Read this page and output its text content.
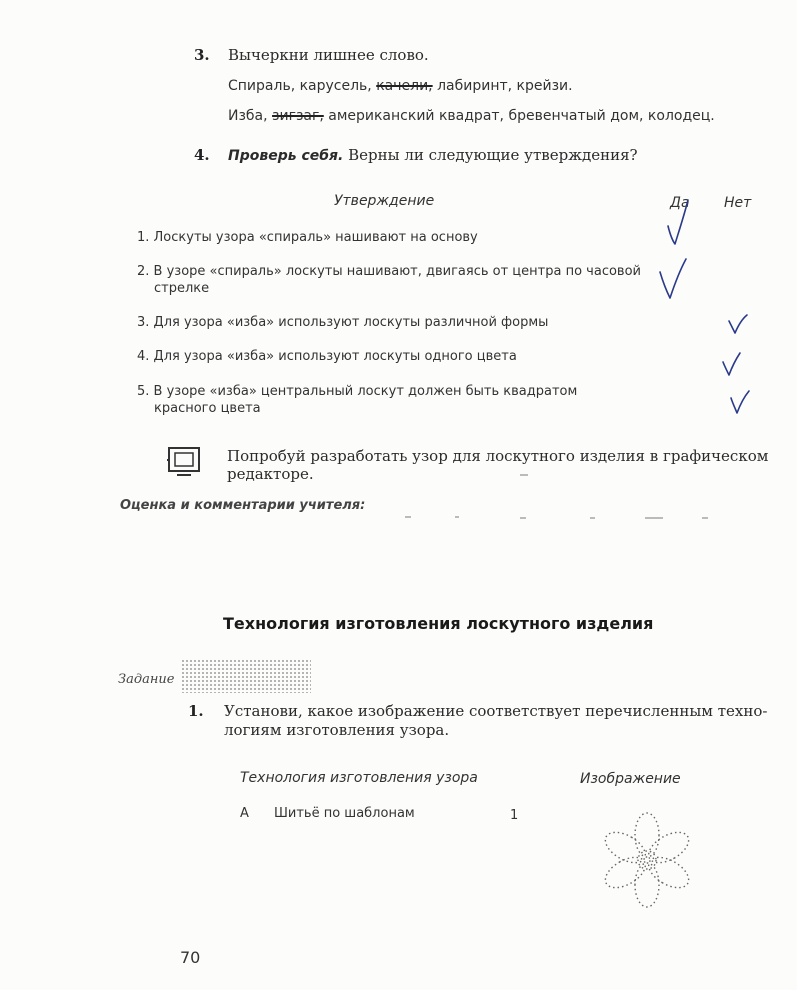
3. Вычеркни лишнее слово.
Спираль, карусель, качели, лабиринт, крейзи.
Изба, зигзаг, американский квадрат, бревенчатый дом, колодец.
4. Проверь себя. Верны ли следующие утверждения?
Утверждение	Да Нет
1. Лоскуты узора «спираль» нашивают на основу
2. В узоре «спираль» лоскуты нашивают, двигаясь от центра по часовой
стрелке
3. Для узора «изба» используют лоскуты различной формы
4. Для узора «изба» используют лоскуты одного цвета
5. В узоре «изба» центральный лоскут должен быть квадратом
красного цвета
Попробуй разработать узор для лоскутного изделия в графическом
редакторе.
Оценка и комментарии учителя:
Технология изготовления лоскутного изделия
Задание
1. Установи, какое изображение соответствует перечисленным техно-
логиям изготовления узора.
Технология изготовления узора	Изображение
А Шитьё по шаблонам	1
70
